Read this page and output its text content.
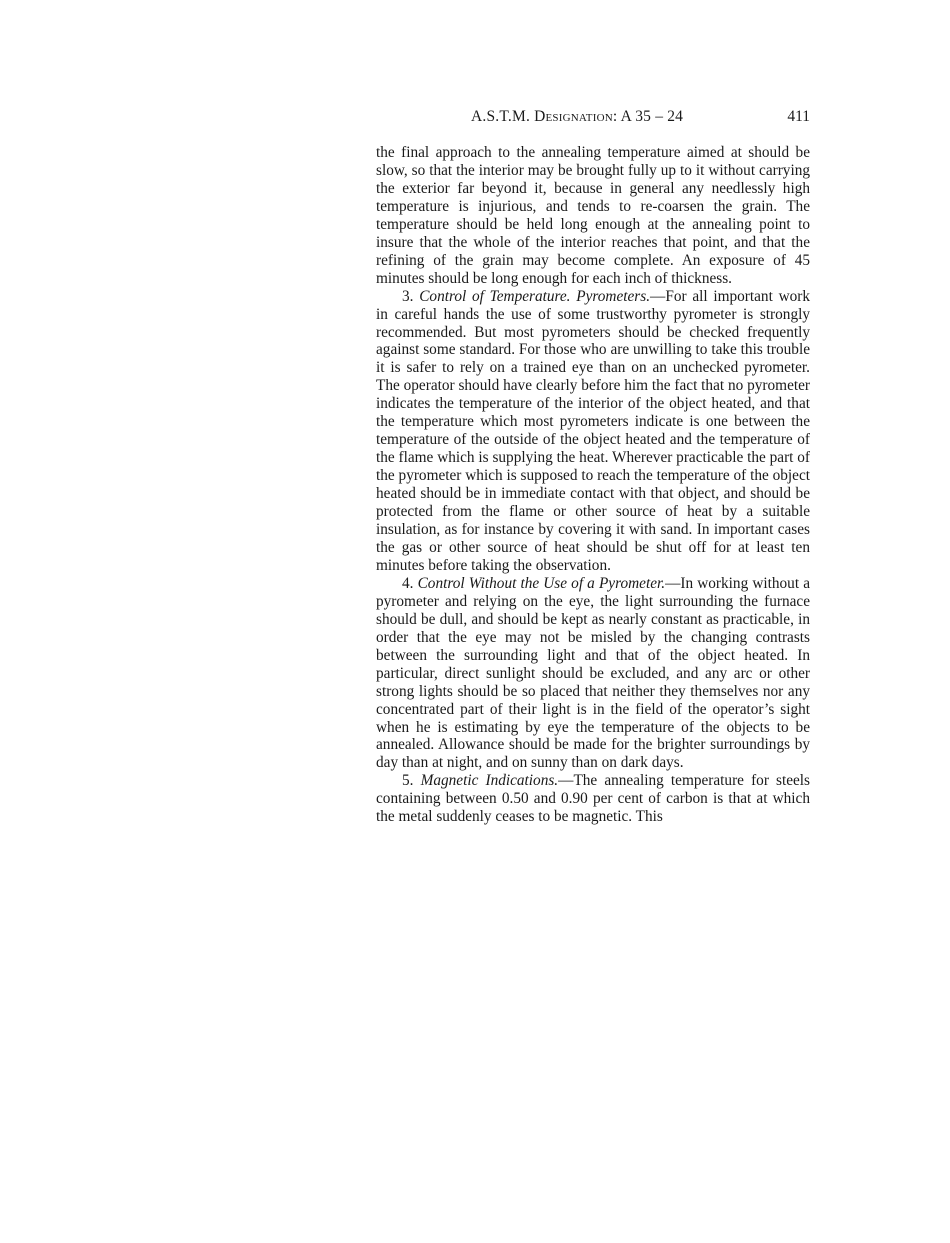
A.S.T.M. Designation: A 35 – 24	411

the final approach to the annealing temperature aimed at should be slow, so that the interior may be brought fully up to it without carrying the exterior far beyond it, because in general any needlessly high temperature is injurious, and tends to re-coarsen the grain. The temperature should be held long enough at the annealing point to insure that the whole of the interior reaches that point, and that the refining of the grain may become complete. An exposure of 45 minutes should be long enough for each inch of thickness.

3. Control of Temperature. Pyrometers.—For all important work in careful hands the use of some trustworthy pyrometer is strongly recommended. But most pyrometers should be checked frequently against some standard. For those who are unwilling to take this trouble it is safer to rely on a trained eye than on an unchecked pyrometer. The operator should have clearly before him the fact that no pyrometer indicates the temperature of the interior of the object heated, and that the temperature which most pyrometers indicate is one between the temperature of the outside of the object heated and the temperature of the flame which is supplying the heat. Wherever practicable the part of the pyrometer which is supposed to reach the temperature of the object heated should be in immediate contact with that object, and should be protected from the flame or other source of heat by a suitable insulation, as for instance by covering it with sand. In important cases the gas or other source of heat should be shut off for at least ten minutes before taking the observation.

4. Control Without the Use of a Pyrometer.—In working without a pyrometer and relying on the eye, the light surrounding the furnace should be dull, and should be kept as nearly constant as practicable, in order that the eye may not be misled by the changing contrasts between the surrounding light and that of the object heated. In particular, direct sunlight should be excluded, and any arc or other strong lights should be so placed that neither they themselves nor any concentrated part of their light is in the field of the operator’s sight when he is estimating by eye the temperature of the objects to be annealed. Allowance should be made for the brighter surroundings by day than at night, and on sunny than on dark days.

5. Magnetic Indications.—The annealing temperature for steels containing between 0.50 and 0.90 per cent of carbon is that at which the metal suddenly ceases to be magnetic. This
